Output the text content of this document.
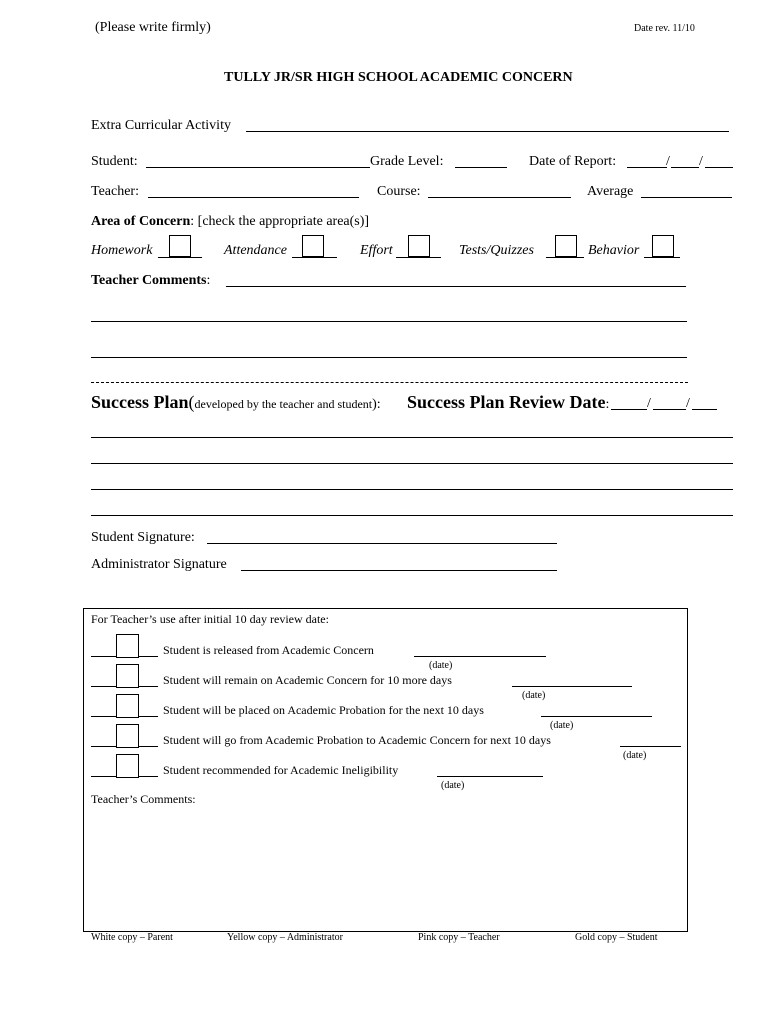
(Please write firmly)	Date rev. 11/10
TULLY JR/SR HIGH SCHOOL ACADEMIC CONCERN
Extra Curricular Activity
Student:	Grade Level:	Date of Report:	/ /
Teacher:	Course:	Average
Area of Concern: [check the appropriate area(s)]
Homework	Attendance	Effort	Tests/Quizzes	Behavior
Teacher Comments:
Success Plan(developed by the teacher and student): Success Plan Review Date:	/	/
Student Signature:
Administrator Signature
For Teacher’s use after initial 10 day review date:
Student is released from Academic Concern
(date)
Student will remain on Academic Concern for 10 more days
(date)
Student will be placed on Academic Probation for the next 10 days
(date)
Student will go from Academic Probation to Academic Concern for next 10 days
(date)
Student recommended for Academic Ineligibility
(date)
Teacher’s Comments:
White copy – Parent	Yellow copy – Administrator	Pink copy – Teacher	Gold copy – Student
